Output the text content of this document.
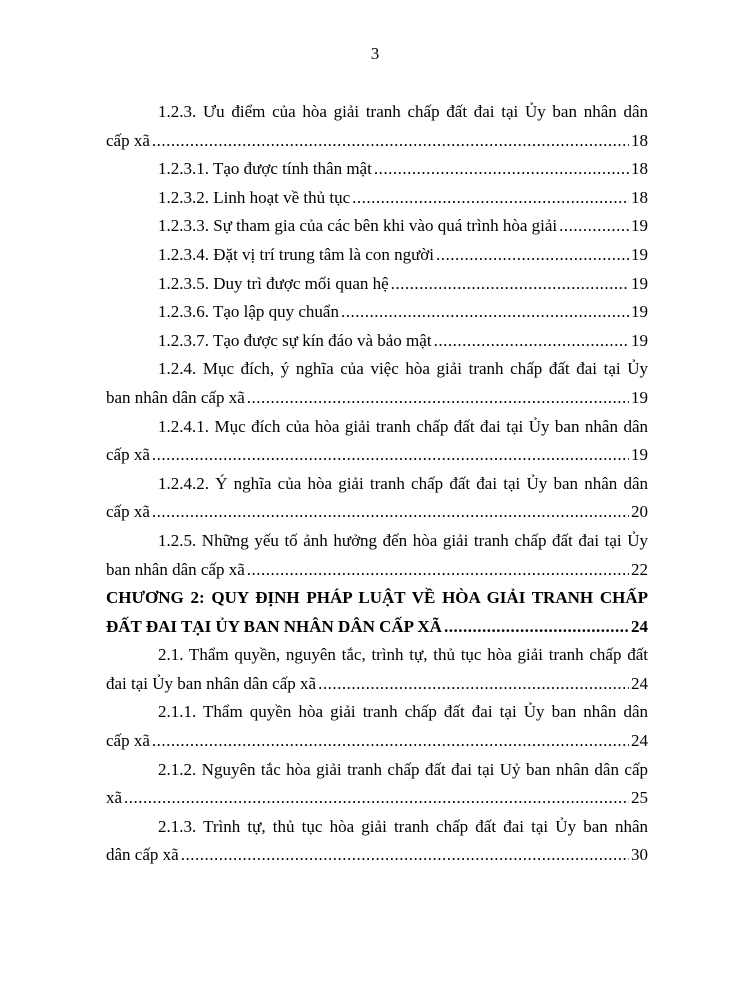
3
1.2.3. Ưu điểm của hòa giải tranh chấp đất đai tại Ủy ban nhân dân
cấp xã .....	18
1.2.3.1. Tạo được tính thân mật .....	18
1.2.3.2. Linh hoạt về thủ tục .....	18
1.2.3.3. Sự tham gia của các bên khi vào quá trình hòa giải .....	19
1.2.3.4. Đặt vị trí trung tâm là con người .....	19
1.2.3.5. Duy trì được mối quan hệ .....	19
1.2.3.6. Tạo lập quy chuẩn .....	19
1.2.3.7. Tạo được sự kín đáo và bảo mật .....	19
1.2.4. Mục đích, ý nghĩa của việc hòa giải tranh chấp đất đai tại Ủy
ban nhân dân cấp xã .....	19
1.2.4.1. Mục đích của hòa giải tranh chấp đất đai tại Ủy ban nhân dân
cấp xã .....	19
1.2.4.2. Ý nghĩa của hòa giải tranh chấp đất đai tại Ủy ban nhân dân
cấp xã .....	20
1.2.5. Những yếu tố ảnh hưởng đến hòa giải tranh chấp đất đai tại Ủy
ban nhân dân cấp xã .....	22
CHƯƠNG 2: QUY ĐỊNH PHÁP LUẬT VỀ HÒA GIẢI TRANH CHẤP
ĐẤT ĐAI TẠI ỦY BAN NHÂN DÂN CẤP XÃ .....	24
2.1. Thẩm quyền, nguyên tắc, trình tự, thủ tục hòa giải tranh chấp đất
đai tại Ủy ban nhân dân cấp xã .....	24
2.1.1. Thẩm quyền hòa giải tranh chấp đất đai tại Ủy ban nhân dân
cấp xã .....	24
2.1.2. Nguyên tắc hòa giải tranh chấp đất đai tại Uỷ ban nhân dân cấp
xã .....	25
2.1.3. Trình tự, thủ tục hòa giải tranh chấp đất đai tại Ủy ban nhân
dân cấp xã .....	30
